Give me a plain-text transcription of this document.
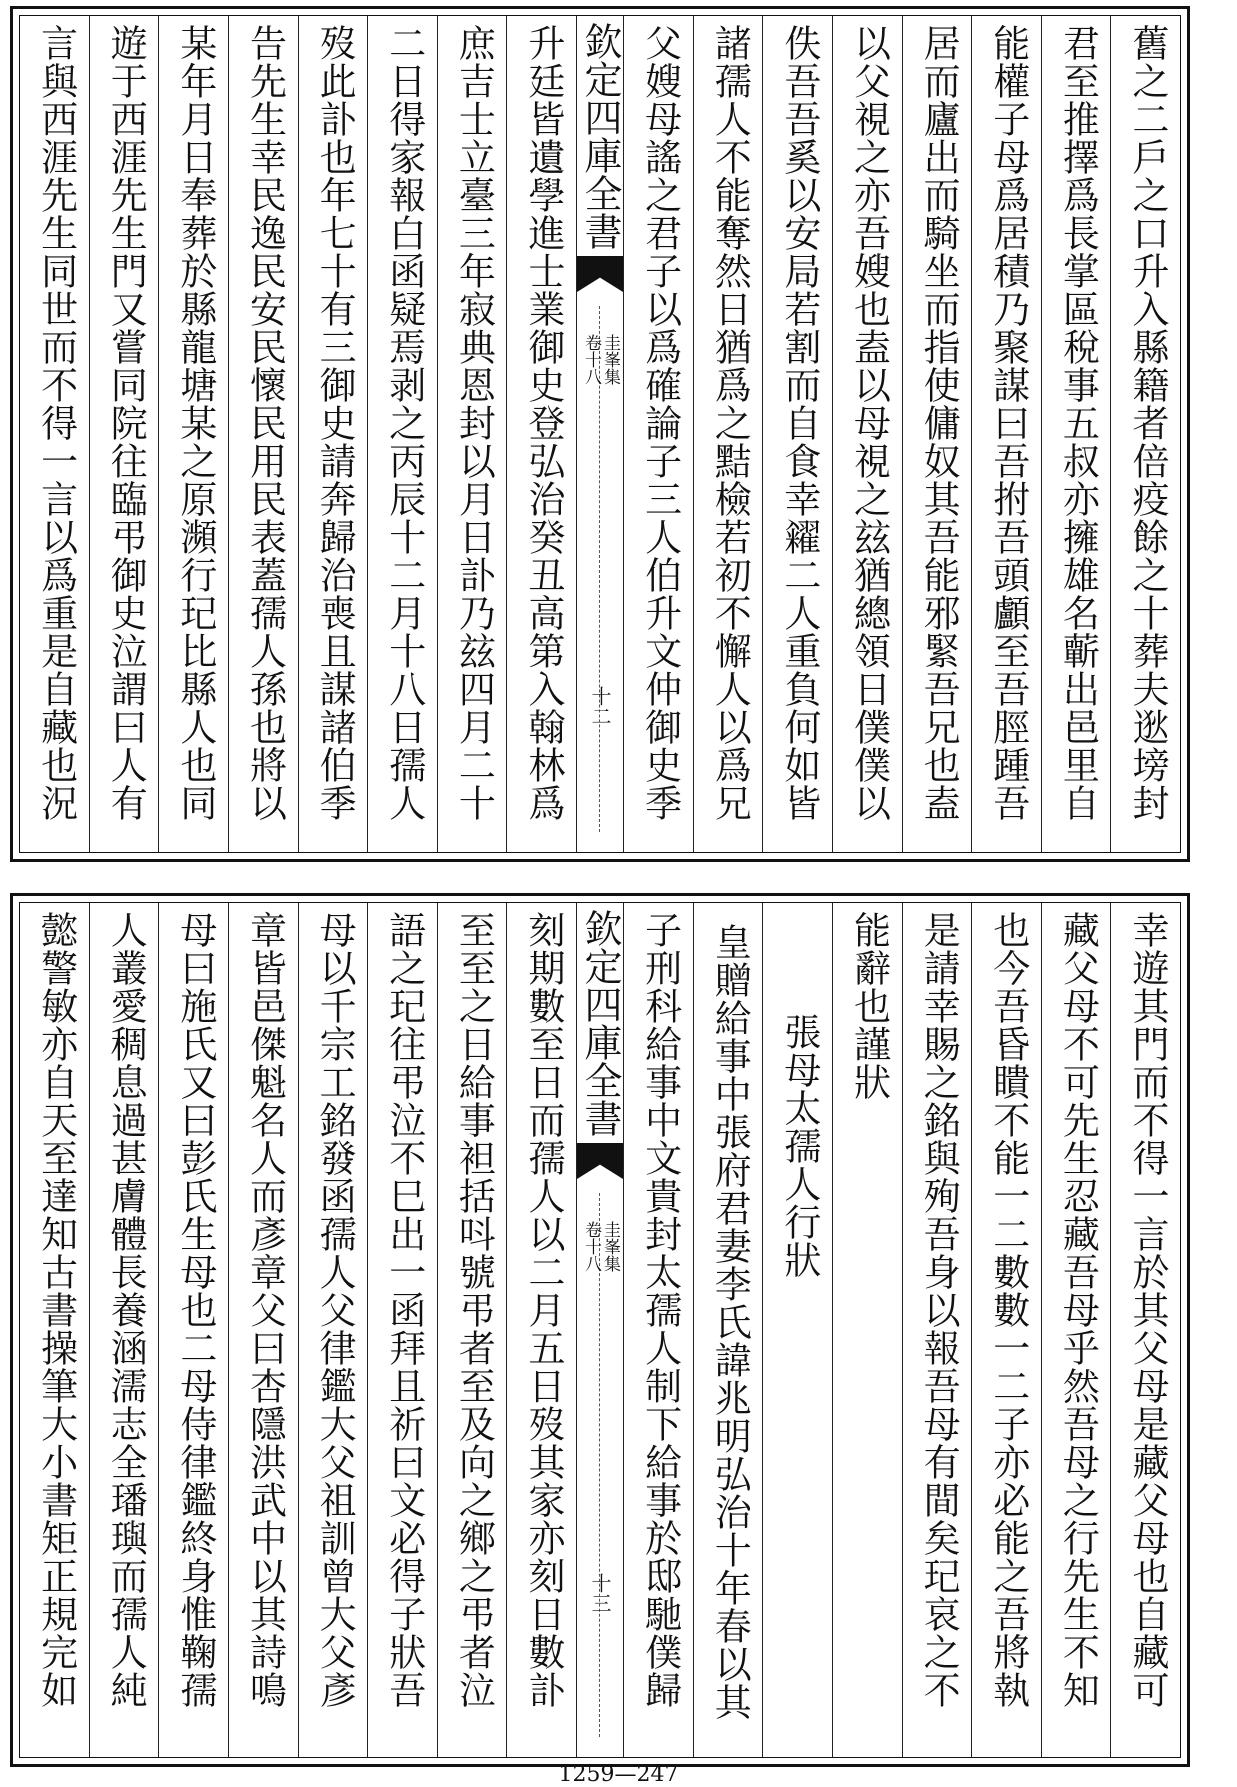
舊之二戶之口升入縣籍者倍疫餘之十葬夫逖塝封
君至推擇爲長掌區稅事五叔亦擁雄名蘄出邑里自
能權子母爲居積乃聚謀曰吾拊吾頭顱至吾脛踵吾
居而廬出而騎坐而指使傭奴其吾能邪緊吾兄也盍
以父視之亦吾嫂也盍以母視之玆猶總領日僕僕以
佚吾吾奚以安局若割而自食幸糴二人重負何如皆
諸孺人不能奪然日猶爲之黠檢若初不懈人以爲兄
父嫂母謠之君子以爲確論子三人伯升文仲御史季
欽定四庫全書
圭峯集
卷十八
十二
升廷皆遺學進士業御史登弘治癸丑高第入翰林爲
庶吉士立臺三年寂典恩封以月日訃乃玆四月二十
二日得家報白函疑焉剥之丙辰十二月十八日孺人
歿此訃也年七十有三御史請奔歸治喪且謀諸伯季
告先生幸民逸民安民懷民用民表蓋孺人孫也將以
某年月日奉葬於縣龍塘某之原瀕行玘比縣人也同
遊于西涯先生門又嘗同院往臨弔御史泣謂曰人有
言與西涯先生同世而不得一言以爲重是自藏也況
幸遊其門而不得一言於其父母是藏父母也自藏可
藏父母不可先生忍藏吾母乎然吾母之行先生不知
也今吾昏瞶不能一二數數一二子亦必能之吾將執
是請幸賜之銘與殉吾身以報吾母有間矣玘哀之不
能辭也謹狀
張母太孺人行狀
皇贈給事中張府君妻李氏諱兆明弘治十年春以其
子刑科給事中文貴封太孺人制下給事於邸馳僕歸
欽定四庫全書
圭峯集
卷十八
十三
刻期數至日而孺人以二月五日歿其家亦刻日數訃
至至之日給事袒括呌號弔者至及向之鄉之弔者泣
語之玘往弔泣不巳出一函拜且祈曰文必得子狀吾
母以千宗工銘發函孺人父律鑑大父祖訓曾大父彥
章皆邑傑魁名人而彥章父曰杏隱洪武中以其詩鳴
母曰施氏又曰彭氏生母也二母侍律鑑終身惟鞠孺
人叢愛稠息過甚膚體長養涵濡志全璠璵而孺人純
懿警敏亦自天至達知古書操筆大小書矩正規完如
1259—247
